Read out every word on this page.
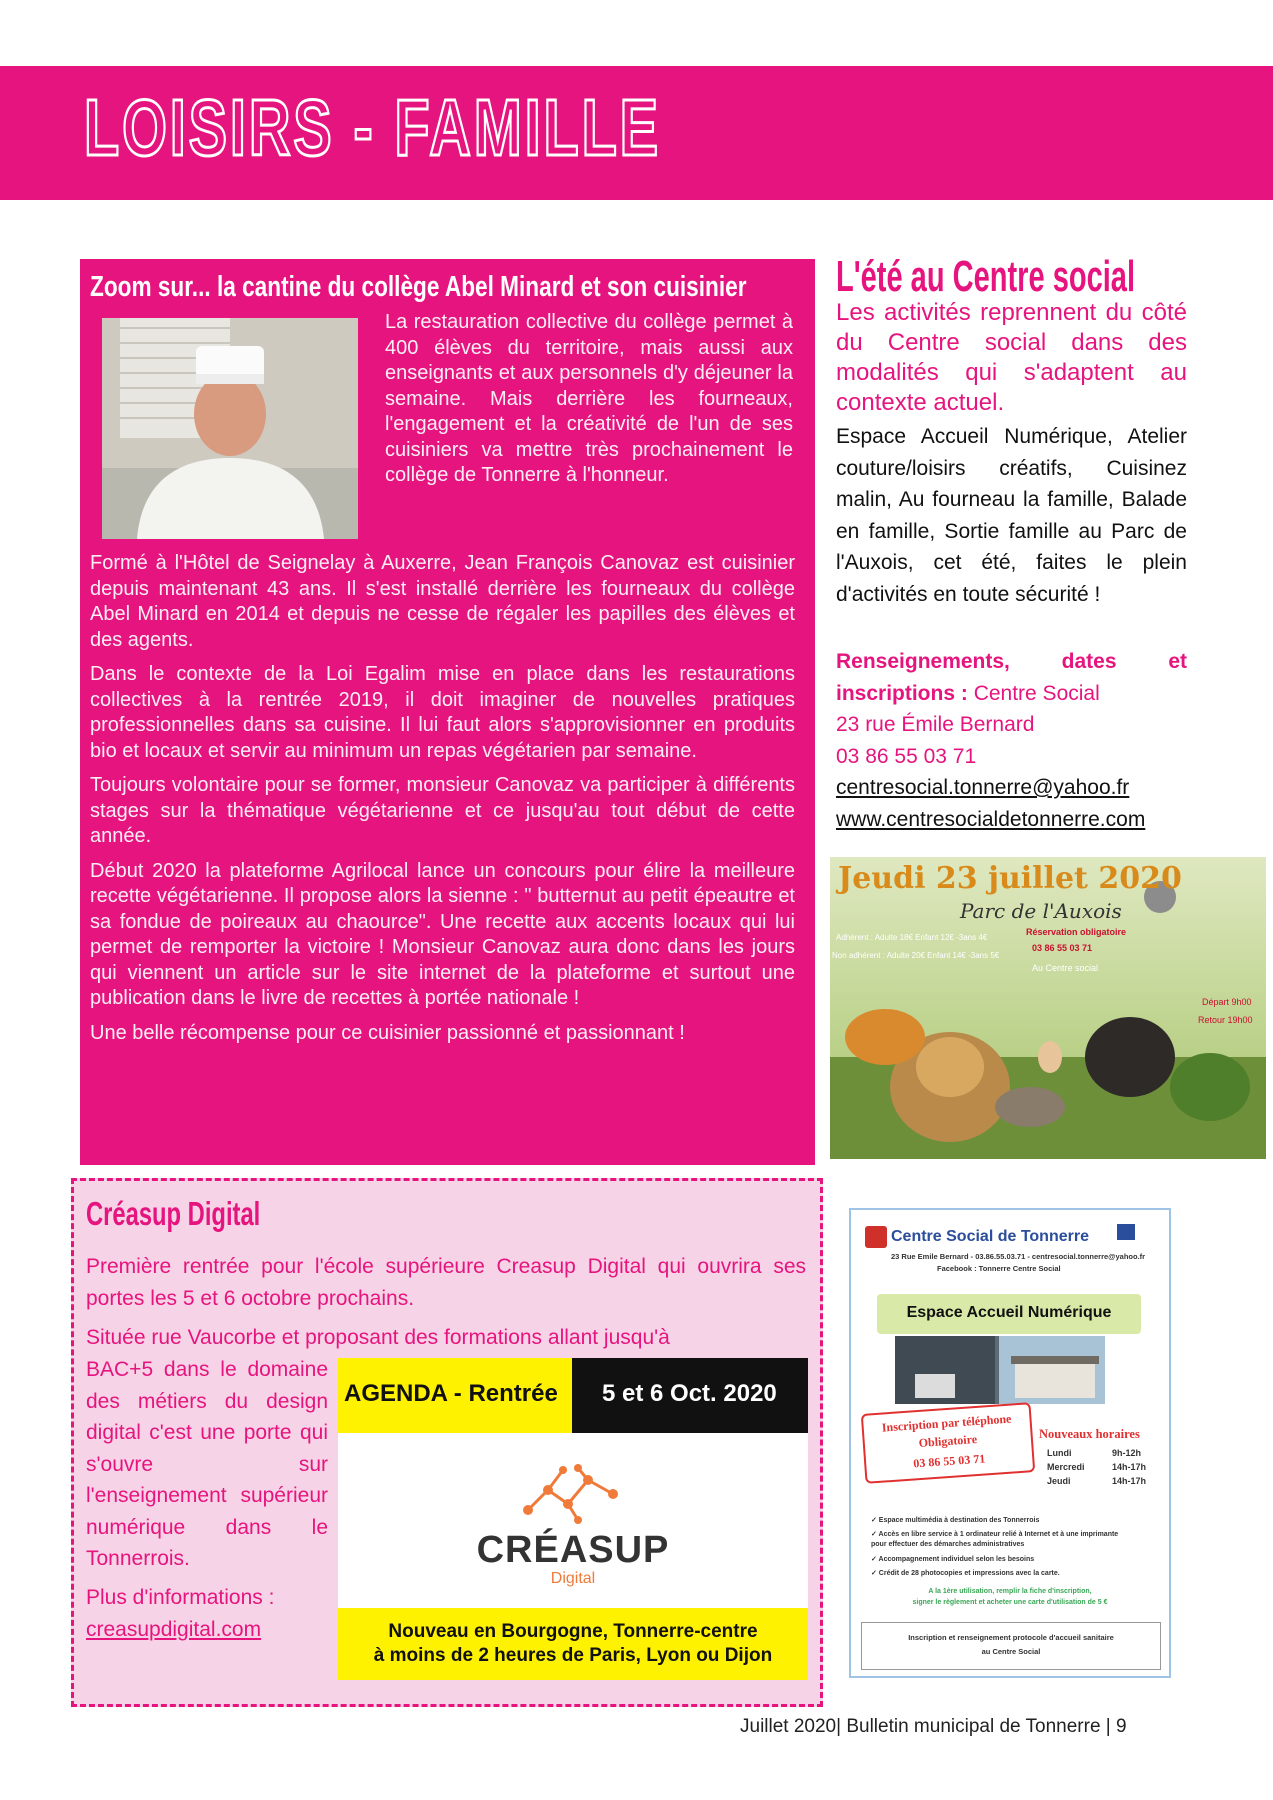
LOISIRS - FAMILLE
Zoom sur... la cantine du collège Abel Minard et son cuisinier
La restauration collective du collège permet à 400 élèves du territoire, mais aussi aux enseignants et aux personnels d'y déjeuner la semaine. Mais derrière les fourneaux, l'engagement et la créativité de l'un de ses cuisiniers va mettre très prochainement le collège de Tonnerre à l'honneur.

Formé à l'Hôtel de Seignelay à Auxerre, Jean François Canovaz est cuisinier depuis maintenant 43 ans. Il s'est installé derrière les fourneaux du collège Abel Minard en 2014 et depuis ne cesse de régaler les papilles des élèves et des agents.

Dans le contexte de la Loi Egalim mise en place dans les restaurations collectives à la rentrée 2019, il doit imaginer de nouvelles pratiques professionnelles dans sa cuisine. Il lui faut alors s'approvisionner en produits bio et locaux et servir au minimum un repas végétarien par semaine.

Toujours volontaire pour se former, monsieur Canovaz va participer à différents stages sur la thématique végétarienne et ce jusqu'au tout début de cette année.

Début 2020 la plateforme Agrilocal lance un concours pour élire la meilleure recette végétarienne. Il propose alors la sienne : " butternut au petit épeautre et sa fondue de poireaux au chaource". Une recette aux accents locaux qui lui permet de remporter la victoire ! Monsieur Canovaz aura donc dans les jours qui viennent un article sur le site internet de la plateforme et surtout une publication dans le livre de recettes à portée nationale !

Une belle récompense pour ce cuisinier passionné et passionnant !

L'été au Centre social
Les activités reprennent du côté du Centre social dans des modalités qui s'adaptent au contexte actuel.
Espace Accueil Numérique, Atelier couture/loisirs créatifs, Cuisinez malin, Au fourneau la famille, Balade en famille, Sortie famille au Parc de l'Auxois, cet été, faites le plein d'activités en toute sécurité !
Renseignements, dates et
inscriptions : Centre Social
23 rue Émile Bernard
03 86 55 03 71
centresocial.tonnerre@yahoo.fr
www.centresocialdetonnerre.com
Jeudi 23 juillet 2020
Parc de l'Auxois
Adhérent : Adulte 18€ Enfant 12€ -3ans 4€
Non adhérent : Adulte 20€ Enfant 14€ -3ans 5€
Réservation obligatoire
03 86 55 03 71
Au Centre social
Départ 9h00
Retour 19h00
Créasup Digital
Première rentrée pour l'école supérieure Creasup Digital qui ouvrira ses portes les 5 et 6 octobre prochains.
Située rue Vaucorbe et proposant des formations allant jusqu'à
BAC+5 dans le domaine des métiers du design digital c'est une porte qui s'ouvre sur l'enseignement supérieur numérique dans le Tonnerrois.
Plus d'informations :
creasupdigital.com
AGENDA - Rentrée 5 et 6 Oct. 2020
CRÉASUP
Digital
Nouveau en Bourgogne, Tonnerre-centre
à moins de 2 heures de Paris, Lyon ou Dijon
Centre Social de Tonnerre
23 Rue Emile Bernard - 03.86.55.03.71 - centresocial.tonnerre@yahoo.fr
Facebook : Tonnerre Centre Social
Espace Accueil Numérique
Inscription par téléphone
Obligatoire
03 86 55 03 71
Nouveaux horaires
Lundi	9h-12h
Mercredi	14h-17h
Jeudi	14h-17h
✓ Espace multimédia à destination des Tonnerrois
✓ Accès en libre service à 1 ordinateur relié à Internet et à une imprimante
pour effectuer des démarches administratives
✓ Accompagnement individuel selon les besoins
✓ Crédit de 28 photocopies et impressions avec la carte.
A la 1ère utilisation, remplir la fiche d'inscription,
signer le règlement et acheter une carte d'utilisation de 5 €
Inscription et renseignement protocole d'accueil sanitaire
au Centre Social
Juillet 2020| Bulletin municipal de Tonnerre | 9
